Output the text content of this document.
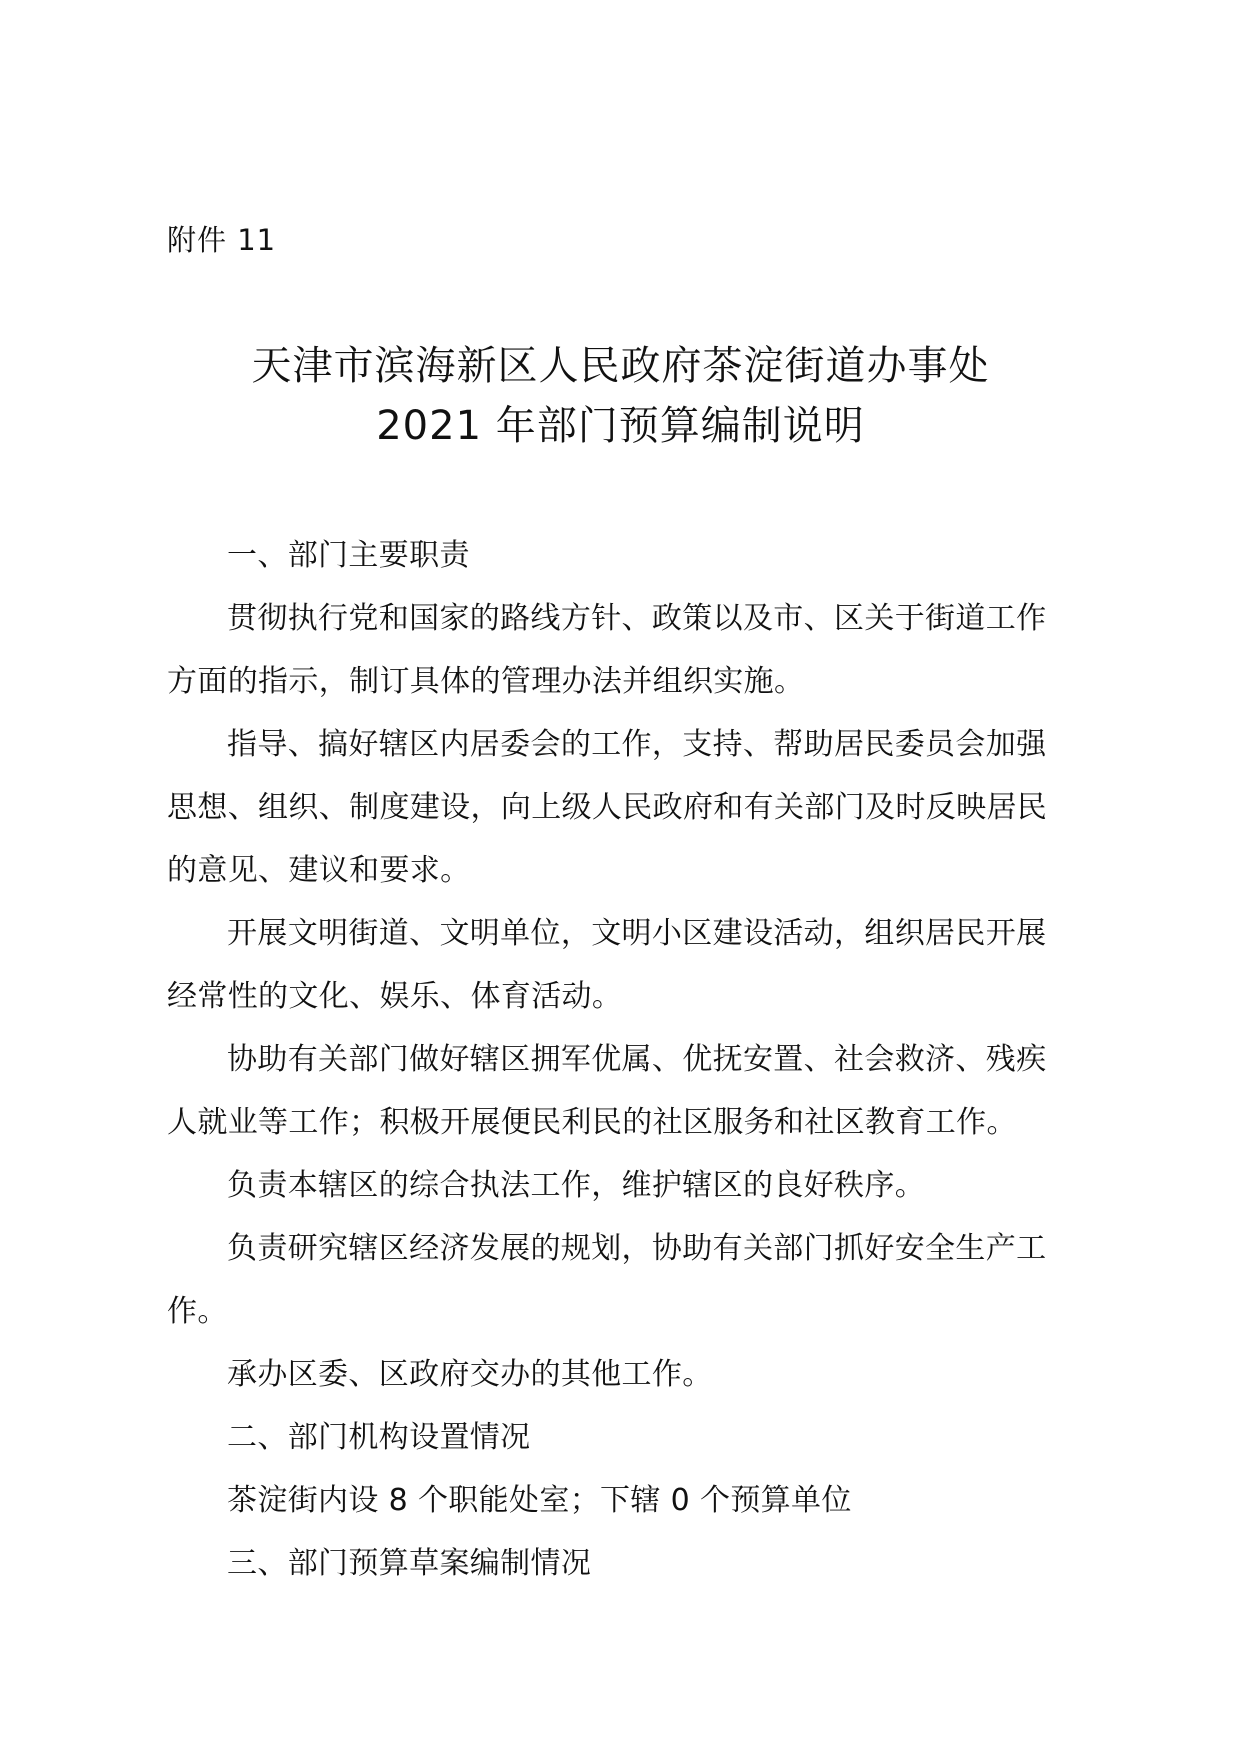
附件 11
天津市滨海新区人民政府茶淀街道办事处
2021 年部门预算编制说明

一、部门主要职责

贯彻执行党和国家的路线方针、政策以及市、区关于街道工作方面的指示，制订具体的管理办法并组织实施。

指导、搞好辖区内居委会的工作，支持、帮助居民委员会加强思想、组织、制度建设，向上级人民政府和有关部门及时反映居民的意见、建议和要求。

开展文明街道、文明单位，文明小区建设活动，组织居民开展经常性的文化、娱乐、体育活动。

协助有关部门做好辖区拥军优属、优抚安置、社会救济、残疾人就业等工作；积极开展便民利民的社区服务和社区教育工作。

负责本辖区的综合执法工作，维护辖区的良好秩序。

负责研究辖区经济发展的规划，协助有关部门抓好安全生产工作。

承办区委、区政府交办的其他工作。

二、部门机构设置情况

茶淀街内设 8 个职能处室；下辖 0 个预算单位

三、部门预算草案编制情况
